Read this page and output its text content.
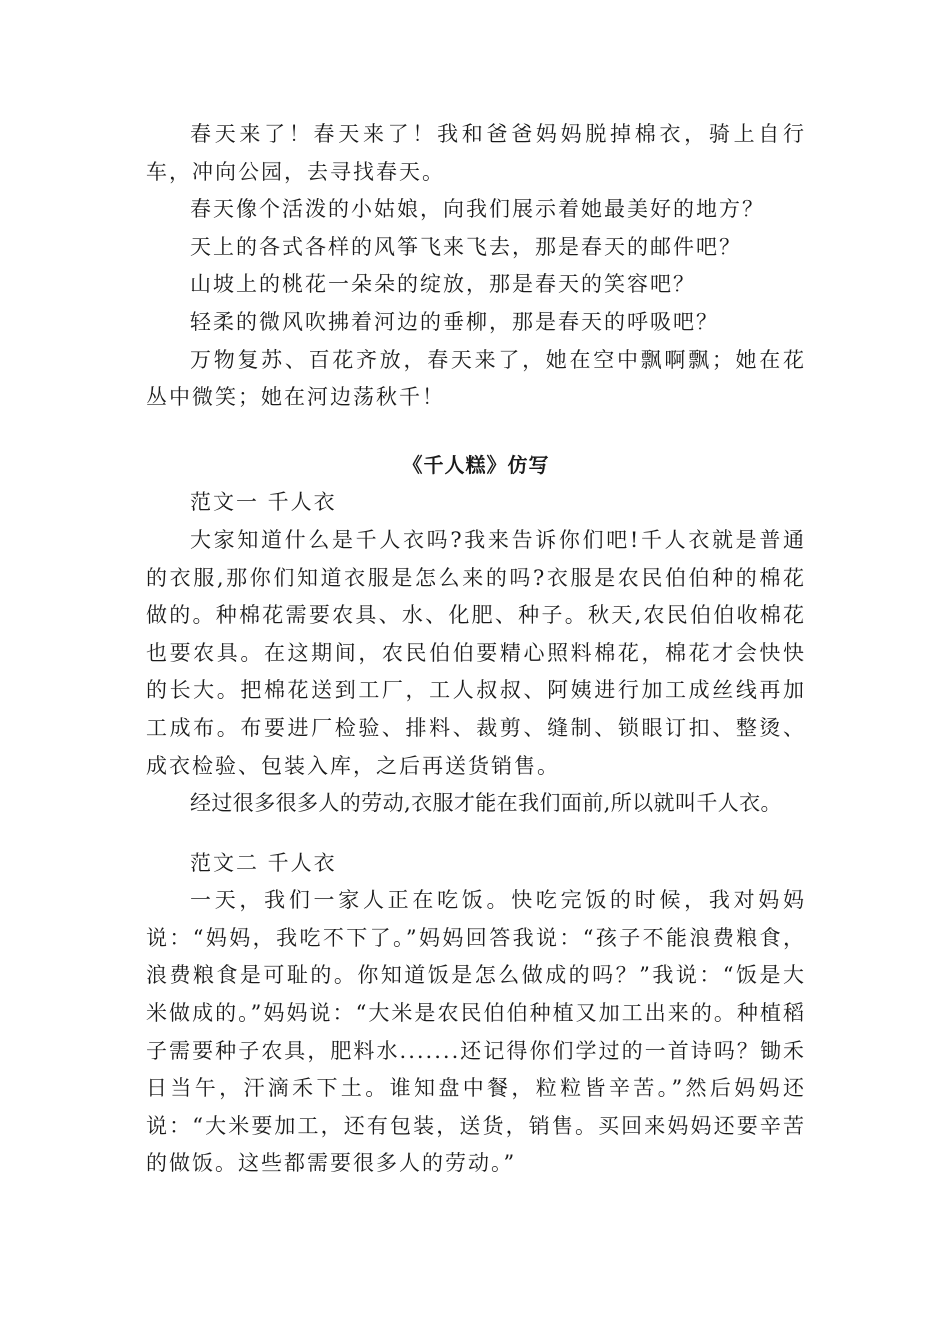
春天来了！春天来了！我和爸爸妈妈脱掉棉衣，骑上自行车，冲向公园，去寻找春天。

春天像个活泼的小姑娘，向我们展示着她最美好的地方？

天上的各式各样的风筝飞来飞去，那是春天的邮件吧？

山坡上的桃花一朵朵的绽放，那是春天的笑容吧？

轻柔的微风吹拂着河边的垂柳，那是春天的呼吸吧？

万物复苏、百花齐放，春天来了，她在空中飘啊飘；她在花丛中微笑；她在河边荡秋千！

《千人糕》仿写

范文一 千人衣

大家知道什么是千人衣吗?我来告诉你们吧!千人衣就是普通的衣服,那你们知道衣服是怎么来的吗?衣服是农民伯伯种的棉花做的。种棉花需要农具、水、化肥、种子。秋天,农民伯伯收棉花也要农具。在这期间，农民伯伯要精心照料棉花，棉花才会快快的长大。把棉花送到工厂，工人叔叔、阿姨进行加工成丝线再加工成布。布要进厂检验、排料、裁剪、缝制、锁眼订扣、整烫、成衣检验、包装入库，之后再送货销售。

经过很多很多人的劳动,衣服才能在我们面前,所以就叫千人衣。

范文二 千人衣

一天，我们一家人正在吃饭。快吃完饭的时候，我对妈妈说：“妈妈，我吃不下了。”妈妈回答我说：“孩子不能浪费粮食，浪费粮食是可耻的。你知道饭是怎么做成的吗？”我说：“饭是大米做成的。”妈妈说：“大米是农民伯伯种植又加工出来的。种植稻子需要种子农具，肥料水.......还记得你们学过的一首诗吗？锄禾日当午，汗滴禾下土。谁知盘中餐，粒粒皆辛苦。”然后妈妈还说：“大米要加工，还有包装，送货，销售。买回来妈妈还要辛苦的做饭。这些都需要很多人的劳动。”
